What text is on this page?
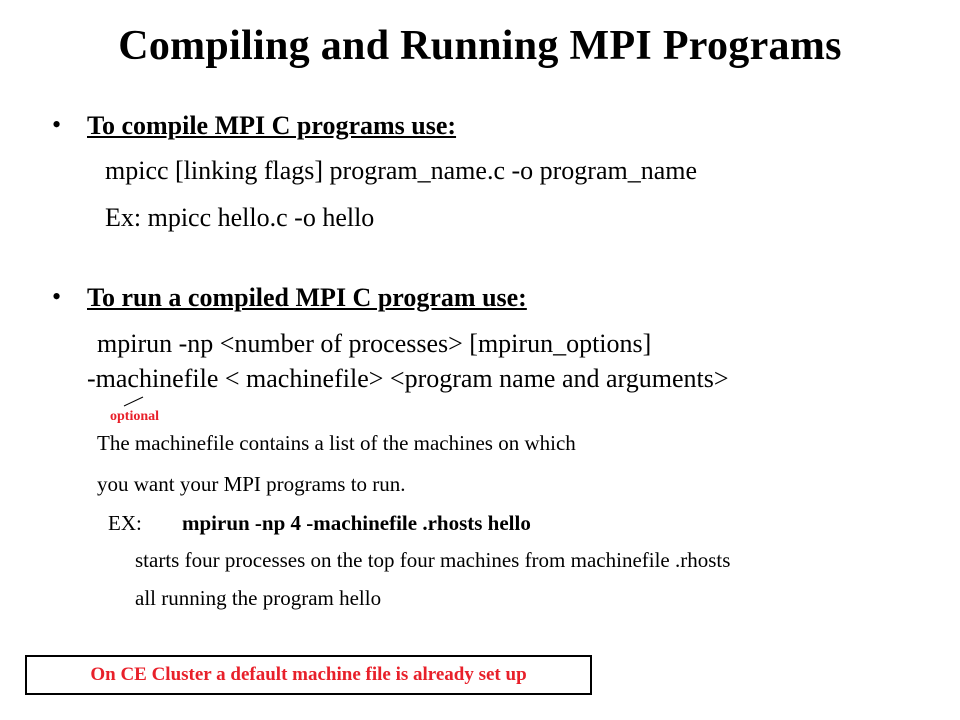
Compiling and Running MPI Programs
• To compile MPI C programs use:
mpicc [linking flags] program_name.c -o program_name
Ex: mpicc hello.c -o hello
• To run a compiled MPI C program use:
mpirun -np <number of processes> [mpirun_options]
-machinefile < machinefile> <program name and arguments>
optional
The machinefile contains a list of the machines on which
you want your MPI programs to run.
EX: mpirun -np 4 -machinefile .rhosts hello
starts four processes on the top four machines from machinefile .rhosts
all running the program hello
On CE Cluster a default machine file is already set up
